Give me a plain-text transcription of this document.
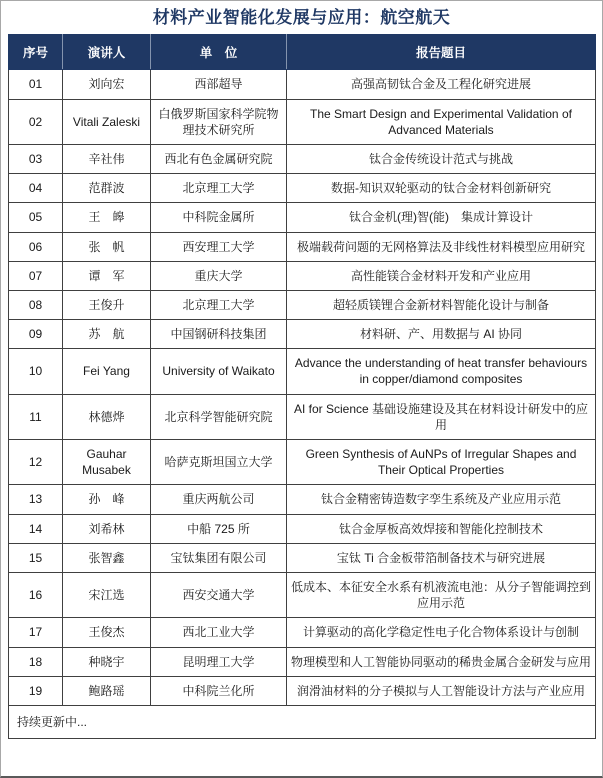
材料产业智能化发展与应用：航空航天
序号	演讲人	单　位	报告题目
01	刘向宏	西部超导	高强高韧钛合金及工程化研究进展
02	Vitali Zaleski	白俄罗斯国家科学院物理技术研究所	The Smart Design and Experimental Validation of Advanced Materials
03	辛社伟	西北有色金属研究院	钛合金传统设计范式与挑战
04	范群波	北京理工大学	数据-知识双轮驱动的钛合金材料创新研究
05	王　皞	中科院金属所	钛合金机(理)智(能)　集成计算设计
06	张　帆	西安理工大学	极端载荷问题的无网格算法及非线性材料模型应用研究
07	谭　军	重庆大学	高性能镁合金材料开发和产业应用
08	王俊升	北京理工大学	超轻质镁锂合金新材料智能化设计与制备
09	苏　航	中国钢研科技集团	材料研、产、用数据与 AI 协同
10	Fei Yang	University of Waikato	Advance the understanding of heat transfer behaviours in copper/diamond composites
11	林德烨	北京科学智能研究院	AI for Science 基础设施建设及其在材料设计研发中的应用
12	Gauhar Musabek	哈萨克斯坦国立大学	Green Synthesis of AuNPs of Irregular Shapes and Their Optical Properties
13	孙　峰	重庆两航公司	钛合金精密铸造数字孪生系统及产业应用示范
14	刘希林	中船 725 所	钛合金厚板高效焊接和智能化控制技术
15	张智鑫	宝钛集团有限公司	宝钛 Ti 合金板带箔制备技术与研究进展
16	宋江选	西安交通大学	低成本、本征安全水系有机液流电池：从分子智能调控到应用示范
17	王俊杰	西北工业大学	计算驱动的高化学稳定性电子化合物体系设计与创制
18	种晓宇	昆明理工大学	物理模型和人工智能协同驱动的稀贵金属合金研发与应用
19	鲍路瑶	中科院兰化所	润滑油材料的分子模拟与人工智能设计方法与产业应用
持续更新中...			
